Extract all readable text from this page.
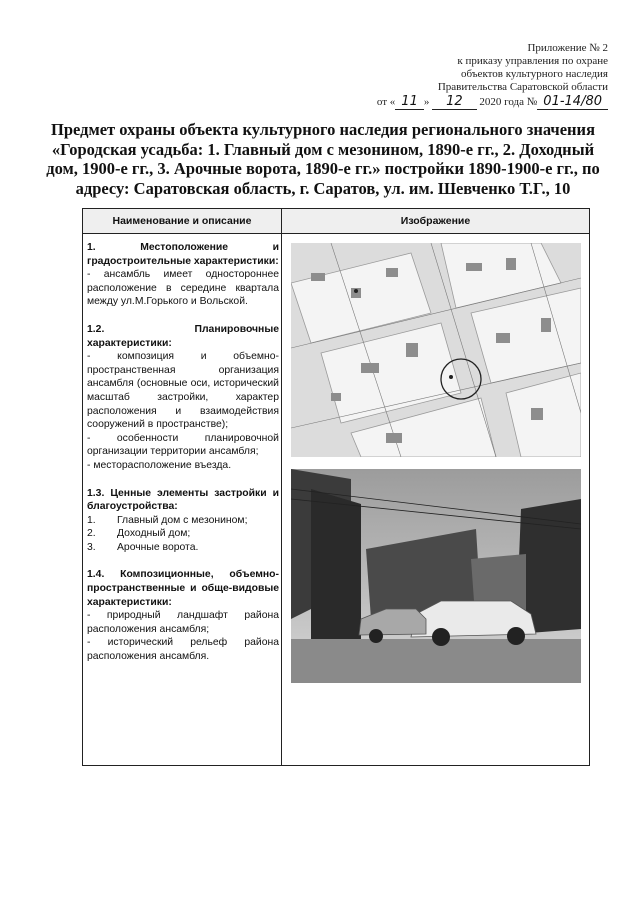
Приложение № 2
к приказу управления по охране
объектов культурного наследия
Правительства Саратовской области
от « 11 » 12 2020 года № 01-14/80
Предмет охраны объекта культурного наследия регионального значения «Городская усадьба: 1. Главный дом с мезонином, 1890-е гг., 2. Доходный дом, 1900-е гг., 3. Арочные ворота, 1890-е гг.» постройки 1890-1900-е гг., по адресу: Саратовская область, г. Саратов, ул. им. Шевченко Т.Г., 10
Наименование и описание	Изображение
1. Местоположение и градостроительные характеристики:
- ансамбль имеет одностороннее расположение в середине квартала между ул.М.Горького и Вольской.
1.2. Планировочные характеристики:
- композиция и объемно-пространственная организация ансамбля (основные оси, исторический масштаб застройки, характер расположения и взаимодействия сооружений в пространстве);
- особенности планировочной организации территории ансамбля;
- месторасположение въезда.
1.3. Ценные элементы застройки и благоустройства:
1.	Главный дом с мезонином;
2.	Доходный дом;
3.	Арочные ворота.
1.4. Композиционные, объемно-пространственные и обще-видовые характеристики:
- природный ландшафт района расположения ансамбля;
- исторический рельеф района расположения ансамбля.
